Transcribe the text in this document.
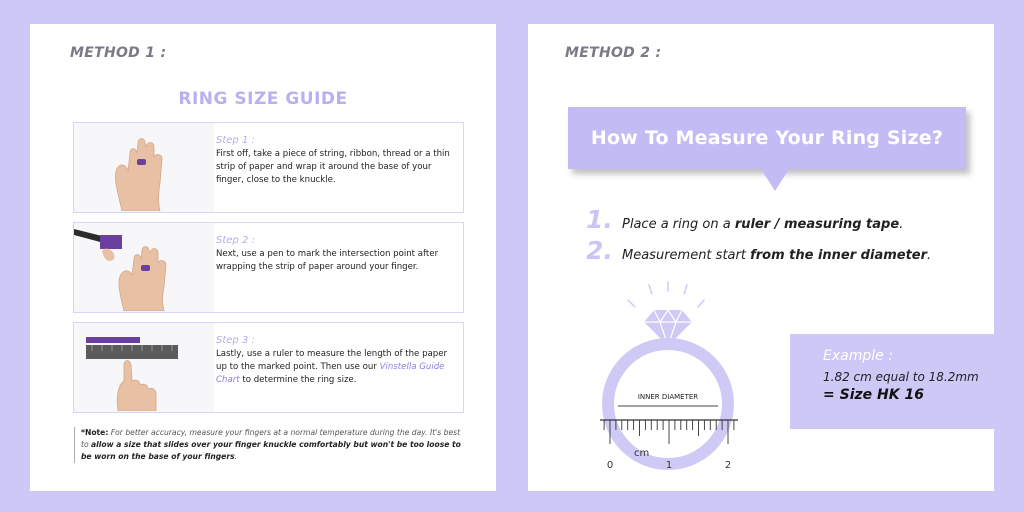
METHOD 1 :
RING SIZE GUIDE
Step 1 :
First off, take a piece of string, ribbon, thread or a thin strip of paper and wrap it around the base of your finger, close to the knuckle.
Step 2 :
Next, use a pen to mark the intersection point after wrapping the strip of paper around your finger.
Step 3 :
Lastly, use a ruler to measure the length of the paper up to the marked point. Then use our Vinstella Guide Chart to determine the ring size.
*Note: For better accuracy, measure your fingers at a normal temperature during the day. It's best to allow a size that slides over your finger knuckle comfortably but won't be too loose to be worn on the base of your fingers.
METHOD 2 :
How To Measure Your Ring Size?
1. Place a ring on a ruler / measuring tape.
2. Measurement start from the inner diameter.
INNER DIAMETER
cm
0	1	2
Example :
1.82 cm equal to 18.2mm
= Size HK 16
